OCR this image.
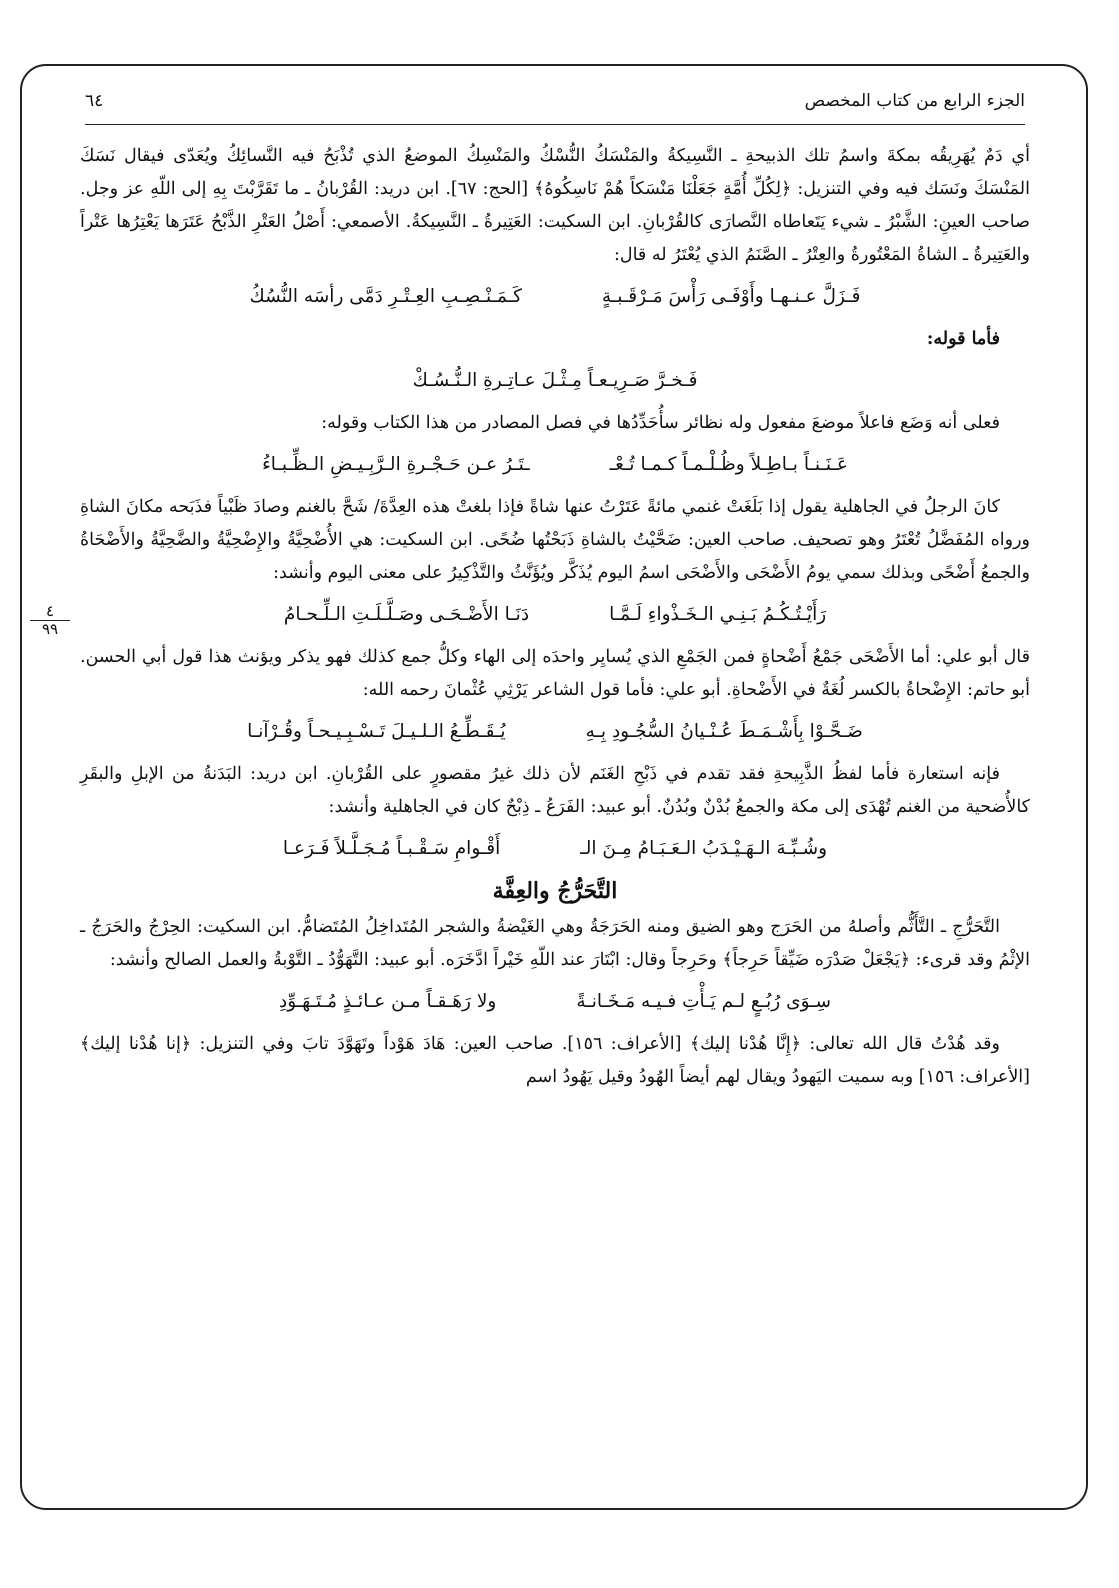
الجزء الرابع من كتاب المخصص
٦٤
٤
٩٩

أي دَمٌ يُهَرِيقُه بمكةَ واسمُ تلك الذبيحةِ ـ النَّسِيكةُ والمَنْسَكُ النُّسْكُ والمَنْسِكُ الموضعُ الذي تُذْبَحُ فيه النَّسائِكُ ويُعَدّى فيقال نَسَكَ المَنْسَكَ ونَسَك فيه وفي التنزيل: ﴿لِكُلِّ أُمَّةٍ جَعَلْنَا مَنْسَكاً هُمْ نَاسِكُوهُ﴾ [الحج: ٦٧]. ابن دريد: القُرْبانُ ـ ما تَقَرَّبْتَ بِهِ إلى اللّهِ عز وجل. صاحب العينِ: الشَّبْرُ ـ شيء يَتَعاطاه النَّصارَى كالقُرْبانِ. ابن السكيت: العَتِيرةُ ـ النَّسِيكةُ. الأصمعي: أَصْلُ العَتْرِ الذَّبْحُ عَتَرَها يَعْتِرُها عَتْراً والعَتِيرةُ ـ الشاةُ المَعْتُورةُ والعِتْرُ ـ الصَّنَمُ الذي يُعْتَرُ له قال:

فَـزَلَّ عـنـهـا وأَوْفَـى رَأْسَ مَـرْقَـبـةٍ
كَـمَـنْـصِـبِ العِـتْـرِ دَمَّى رأسَه النُّسُكُ

فأما قوله:

فَـخـرَّ صَـرِيـعـاً مِـثْـلَ عـاتِـرةِ الـنُّـسُـكْ

فعلى أنه وَضَع فاعلاً موضعَ مفعول وله نظائر سأُحَدِّدُها في فصل المصادر من هذا الكتاب وقوله:

عَـنَـنـاً بـاطِـلاً وظُـلْـمـاً كـمـا تُـعْـ
ـتَـرُ عـن حَـجْـرةِ الـرَّبِـيـضِ الـظِّـبـاءُ

كانَ الرجلُ في الجاهلية يقول إذا بَلَغَتْ غنمي مائةً عَتَرْتُ عنها شاةً فإذا بلغتْ هذه العِدَّةَ/ شَحَّ بالغنم وصادَ ظَبْياً فذَبَحه مكانَ الشاةِ ورواه المُفَضَّلُ تُعْتَرُ وهو تصحيف. صاحب العين: ضَحَّيْتُ بالشاةِ ذَبَحْتُها ضُحًى. ابن السكيت: هي الأُضْحِيَّةُ والإِضْحِيَّةُ والضَّحِيَّةُ والأَضْحَاةُ والجمعُ أَضْحًى وبذلك سمي يومُ الأَضْحَى والأَضْحَى اسمُ اليوم يُذَكَّر ويُؤَنَّثُ والتَّذْكِيرُ على معنى اليوم وأنشد:

رَأَيْـتُـكُـمُ بَـنِـي الـخَـذْواءِ لَـمَّـا
دَنَـا الأَضْـحَـى وصَـلَّـلَـتِ الـلِّـحـامُ

قال أبو علي: أما الأَضْحَى جَمْعُ أَضْحاةٍ فمن الجَمْعِ الذي يُسايِر واحدَه إلى الهاء وكلُّ جمع كذلك فهو يذكر ويؤنث هذا قول أبي الحسن. أبو حاتم: الإِضْحاةُ بالكسر لُغَةٌ في الأَضْحاةِ. أبو علي: فأما قول الشاعر يَرْثِي عُثْمانَ رحمه الله:

ضَـحَّـوْا بِأَشْـمَـطَ عُـنْـيانُ السُّجُـودِ بِـهِ
يُـقَـطِّـعُ الـلـيـلَ تَـسْـبِـيـحـاً وقُـرْآنـا

فإنه استعارة فأما لفظُ الذَّبِيحةِ فقد تقدم في ذَبْحِ الغَنَم لأن ذلك غيرُ مقصورٍ على القُرْبانِ. ابن دريد: البَدَنةُ من الإبلِ والبقَرِ كالأُضحية من الغنم تُهْدَى إلى مكة والجمعُ بُدْنٌ وبُدُنٌ. أبو عبيد: الفَرَعُ ـ ذِبْحٌ كان في الجاهلية وأنشد:

وشُـبِّـهَ الـهَـيْـدَبُ الـعَـبَـامُ مِـنَ الـ
أَقْـوامِ سَـقْـبـاً مُـجَـلَّـلاً فَـرَعـا

التَّحَرُّجُ والعِفَّة

التَّحَرُّجِ ـ التَّأَثُّم وأصلهُ من الحَرَج وهو الضيق ومنه الحَرَجَةُ وهي الغَيْضةُ والشجر المُتَداخِلُ المُتَضامُّ. ابن السكيت: الحِرْجُ والحَرَجُ ـ الإثْمُ وقد قرىء: ﴿يَجْعَلْ صَدْرَه ضَيِّقاً حَرِجاً﴾ وحَرِجاً وقال: ابْتَارَ عند اللّهِ خَيْراً ادَّخَرَه. أبو عبيد: التَّهَوُّدُ ـ التَّوْبةُ والعمل الصالح وأنشد:

سِـوَى رُبُـعٍ لـم يَـأْتِ فـيـه مَـخَـانـةً
ولا رَهَـقـاً مـن عـائـذٍ مُـتَـهَـوِّدِ

وقد هُدْتُ قال الله تعالى: ﴿إِنَّا هُدْنا إليك﴾ [الأعراف: ١٥٦]. صاحب العين: هَادَ هَوْداً وتَهَوَّدَ تابَ وفي التنزيل: ﴿إنا هُدْنا إليك﴾ [الأعراف: ١٥٦] وبه سميت اليَهودُ ويقال لهم أيضاً الهُودُ وقيل يَهُودُ اسم
